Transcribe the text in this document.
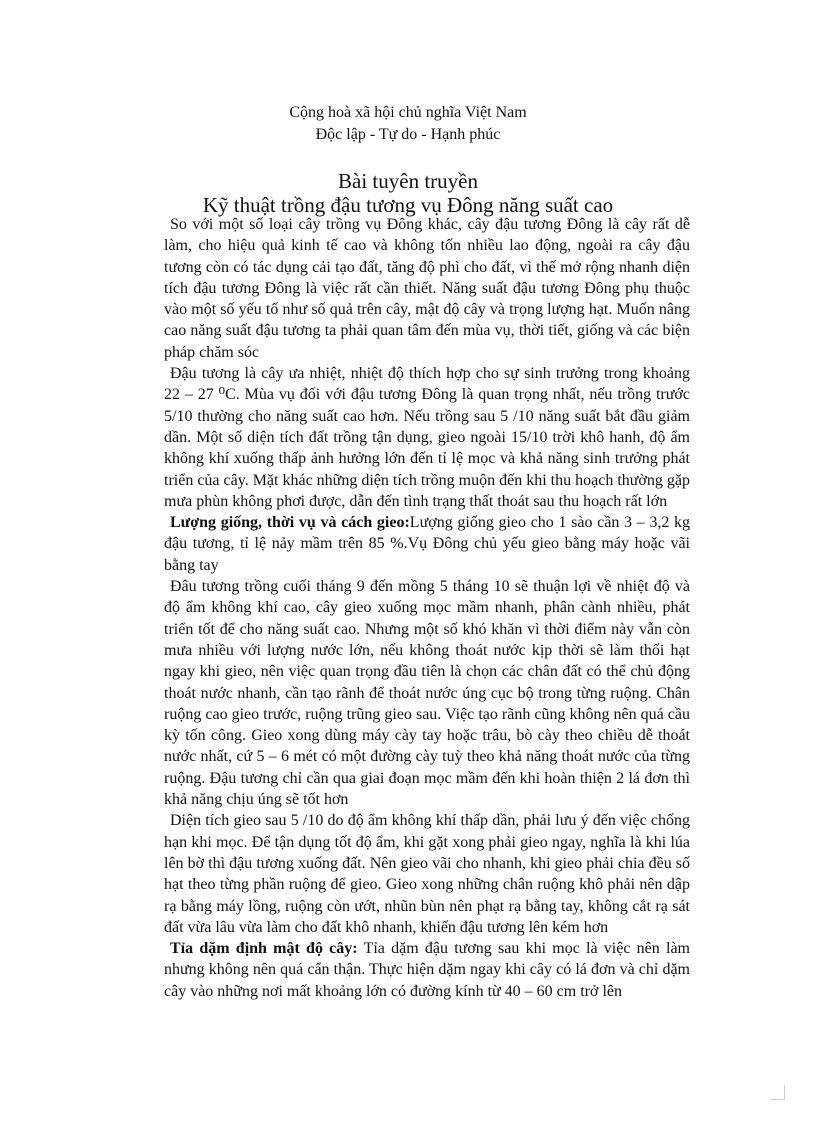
Cộng hoà xã hội chủ nghĩa Việt Nam
Độc lập - Tự do - Hạnh phúc
Bài tuyên truyền
Kỹ thuật trồng đậu tương vụ Đông năng suất cao

So với một số loại cây trồng vụ Đông khác, cây đậu tương Đông là cây rất dễ làm, cho hiệu quả kinh tế cao và không tốn nhiều lao động, ngoài ra cây đậu tương còn có tác dụng cải tạo đất, tăng độ phì cho đất, vì thế mở rộng nhanh diện tích đậu tương Đông là việc rất cần thiết. Năng suất đậu tương Đông phụ thuộc vào một số yếu tố như số quả trên cây, mật độ cây và trọng lượng hạt. Muốn nâng cao năng suất đậu tương ta phải quan tâm đến mùa vụ, thời tiết, giống và các biện pháp chăm sóc

Đậu tương là cây ưa nhiệt, nhiệt độ thích hợp cho sự sinh trưởng trong khoảng 22 – 27 ⁰C. Mùa vụ đối với đậu tương Đông là quan trọng nhất, nếu trồng trước 5/10 thường cho năng suất cao hơn. Nếu trồng sau 5 /10 năng suất bắt đầu giảm dần. Một số diện tích đất trồng tận dụng, gieo ngoài 15/10 trời khô hanh, độ ẩm không khí xuống thấp ảnh hưởng lớn đến tỉ lệ mọc và khả năng sinh trưởng phát triển của cây. Mặt khác những diện tích trồng muộn đến khi thu hoạch thường gặp mưa phùn không phơi được, dẫn đến tình trạng thất thoát sau thu hoạch rất lớn

Lượng giống, thời vụ và cách gieo:Lượng giống gieo cho 1 sào cần 3 – 3,2 kg đậu tương, tỉ lệ nảy mầm trên 85 %.Vụ Đông chủ yếu gieo bằng máy hoặc vãi bằng tay

Đâu tương trồng cuối tháng 9 đến mồng 5 tháng 10 sẽ thuận lợi về nhiệt độ và độ ẩm không khí cao, cây gieo xuống mọc mầm nhanh, phân cành nhiều, phát triển tốt để cho năng suất cao. Nhưng một số khó khăn vì thời điểm này vẫn còn mưa nhiều với lượng nước lớn, nếu không thoát nước kịp thời sẽ làm thối hạt ngay khi gieo, nên việc quan trọng đầu tiên là chọn các chân đất có thể chủ động thoát nước nhanh, cần tạo rãnh để thoát nước úng cục bộ trong từng ruộng. Chân ruộng cao gieo trước, ruộng trũng gieo sau. Việc tạo rãnh cũng không nên quá cầu kỳ tốn công. Gieo xong dùng máy cày tay hoặc trâu, bò cày theo chiều dễ thoát nước nhất, cứ 5 – 6 mét có một đường cày tuỳ theo khả năng thoát nước của từng ruộng. Đậu tương chỉ cần qua giai đoạn mọc mầm đến khi hoàn thiện 2 lá đơn thì khả năng chịu úng sẽ tốt hơn

Diện tích gieo sau 5 /10 do độ ẩm không khí thấp dần, phải lưu ý đến việc chống hạn khi mọc. Để tận dụng tốt độ ẩm, khi gặt xong phải gieo ngay, nghĩa là khi lúa lên bờ thì đậu tương xuống đất. Nên gieo vãi cho nhanh, khi gieo phải chia đều số hạt theo từng phần ruộng để gieo. Gieo xong những chân ruộng khô phải nên dập rạ bằng máy lồng, ruộng còn ướt, nhũn bùn nên phạt rạ bằng tay, không cắt rạ sát đất vừa lâu vừa làm cho đất khô nhanh, khiến đậu tương lên kém hơn

Tỉa dặm định mật độ cây: Tỉa dặm đậu tương sau khi mọc là việc nên làm nhưng không nên quá cẩn thận. Thực hiện dặm ngay khi cây có lá đơn và chỉ dặm cây vào những nơi mất khoảng lớn có đường kính từ 40 – 60 cm trở lên
